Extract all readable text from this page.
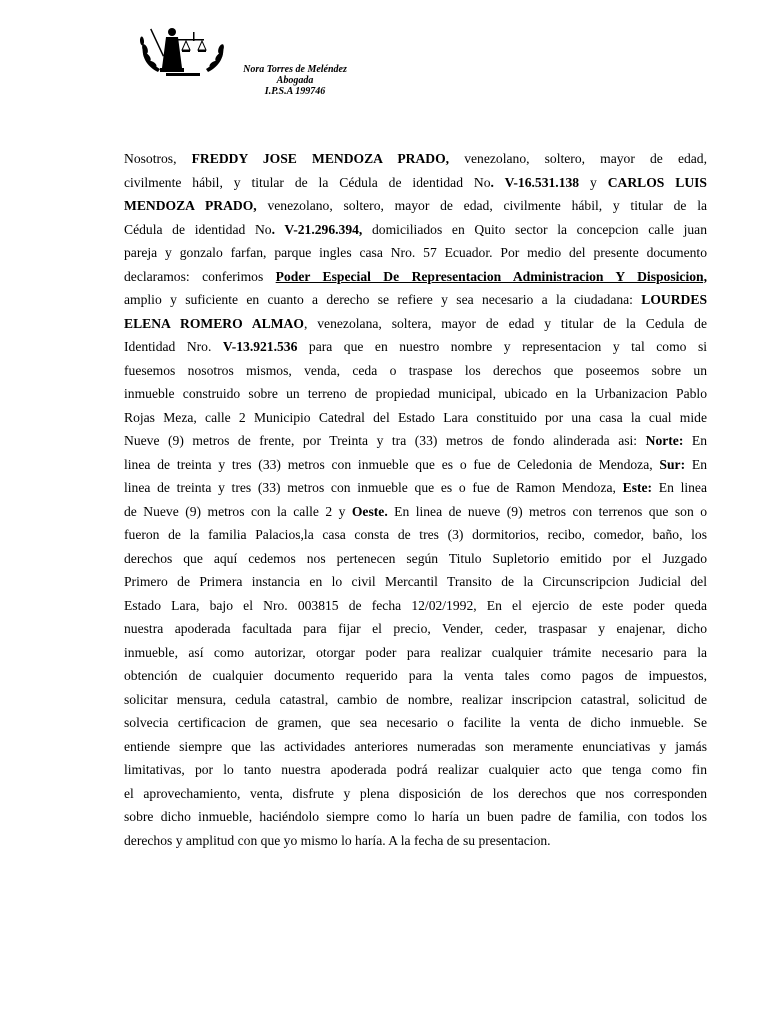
Nora Torres de Meléndez
Abogada
I.P.S.A 199746
Nosotros, FREDDY JOSE MENDOZA PRADO, venezolano, soltero, mayor de edad,
civilmente hábil, y titular de la Cédula de identidad No. V-16.531.138 y CARLOS LUIS
MENDOZA PRADO, venezolano, soltero, mayor de edad, civilmente hábil, y titular de la
Cédula de identidad No. V-21.296.394, domiciliados en Quito sector la concepcion calle juan
pareja y gonzalo farfan, parque ingles casa Nro. 57 Ecuador. Por medio del presente documento
declaramos: conferimos Poder Especial De Representacion Administracion Y Disposicion,
amplio y suficiente en cuanto a derecho se refiere y sea necesario a la ciudadana: LOURDES
ELENA ROMERO ALMAO, venezolana, soltera, mayor de edad y titular de la Cedula de
Identidad Nro. V-13.921.536 para que en nuestro nombre y representacion y tal como si
fuesemos nosotros mismos, venda, ceda o traspase los derechos que poseemos sobre un
inmueble construido sobre un terreno de propiedad municipal, ubicado en la Urbanizacion Pablo
Rojas Meza, calle 2 Municipio Catedral del Estado Lara constituido por una casa la cual mide
Nueve (9) metros de frente, por Treinta y tra (33) metros de fondo alinderada asi: Norte: En
linea de treinta y tres (33) metros con inmueble que es o fue de Celedonia de Mendoza, Sur: En
linea de treinta y tres (33) metros con inmueble que es o fue de Ramon Mendoza, Este: En linea
de Nueve (9) metros con la calle 2 y Oeste. En linea de nueve (9) metros con terrenos que son o
fueron de la familia Palacios,la casa consta de tres (3) dormitorios, recibo, comedor, baño, los
derechos que aquí cedemos nos pertenecen según Titulo Supletorio emitido por el Juzgado
Primero de Primera instancia en lo civil Mercantil Transito de la Circunscripcion Judicial del
Estado Lara, bajo el Nro. 003815 de fecha 12/02/1992, En el ejercio de este poder queda
nuestra apoderada facultada para fijar el precio, Vender, ceder, traspasar y enajenar, dicho
inmueble, así como autorizar, otorgar poder para realizar cualquier trámite necesario para la
obtención de cualquier documento requerido para la venta tales como pagos de impuestos,
solicitar mensura, cedula catastral, cambio de nombre, realizar inscripcion catastral, solicitud de
solvecia certificacion de gramen, que sea necesario o facilite la venta de dicho inmueble. Se
entiende siempre que las actividades anteriores numeradas son meramente enunciativas y jamás
limitativas, por lo tanto nuestra apoderada podrá realizar cualquier acto que tenga como fin
el aprovechamiento, venta, disfrute y plena disposición de los derechos que nos corresponden
sobre dicho inmueble, haciéndolo siempre como lo haría un buen padre de familia, con todos los
derechos y amplitud con que yo mismo lo haría. A la fecha de su presentacion.
